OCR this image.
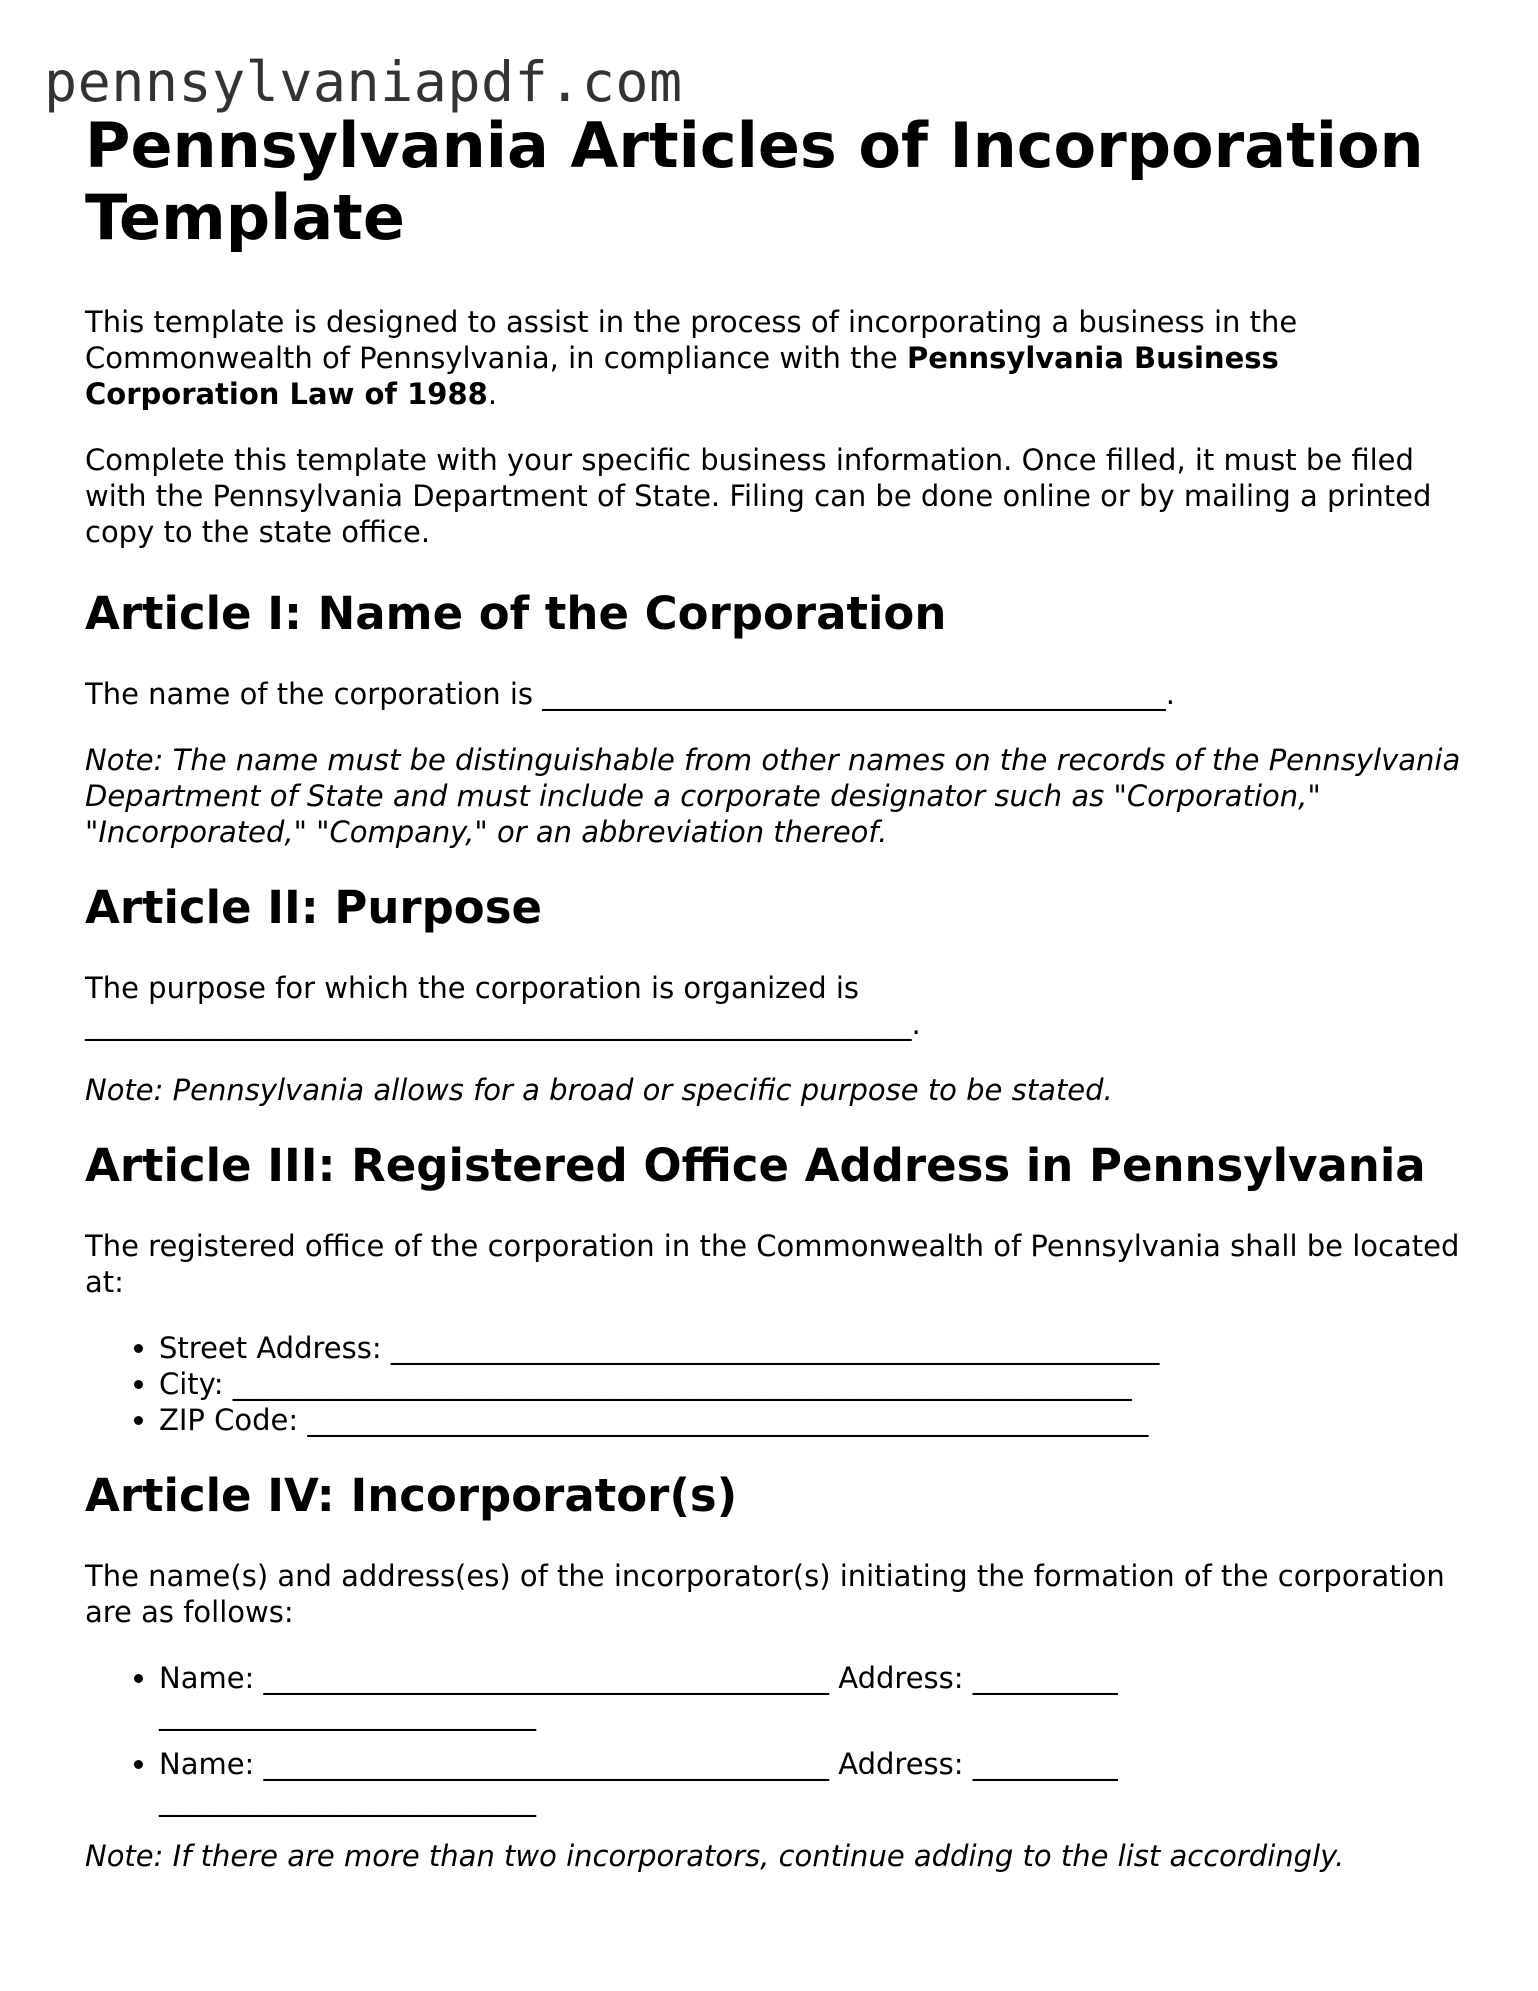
pennsylvaniapdf.com
Pennsylvania Articles of Incorporation Template

This template is designed to assist in the process of incorporating a business in the Commonwealth of Pennsylvania, in compliance with the Pennsylvania Business Corporation Law of 1988.

Complete this template with your specific business information. Once filled, it must be filed with the Pennsylvania Department of State. Filing can be done online or by mailing a printed copy to the state office.

Article I: Name of the Corporation

The name of the corporation is ___________________________________________.

Note: The name must be distinguishable from other names on the records of the Pennsylvania Department of State and must include a corporate designator such as "Corporation," "Incorporated," "Company," or an abbreviation thereof.

Article II: Purpose

The purpose for which the corporation is organized is
_________________________________________________________.

Note: Pennsylvania allows for a broad or specific purpose to be stated.

Article III: Registered Office Address in Pennsylvania

The registered office of the corporation in the Commonwealth of Pennsylvania shall be located at:

• Street Address: _____________________________________________________
• City: ______________________________________________________________
• ZIP Code: __________________________________________________________
Article IV: Incorporator(s)

The name(s) and address(es) of the incorporator(s) initiating the formation of the corporation are as follows:

• Name: _______________________________________ Address: ____________________________________
• Name: _______________________________________ Address: ____________________________________

Note: If there are more than two incorporators, continue adding to the list accordingly.
